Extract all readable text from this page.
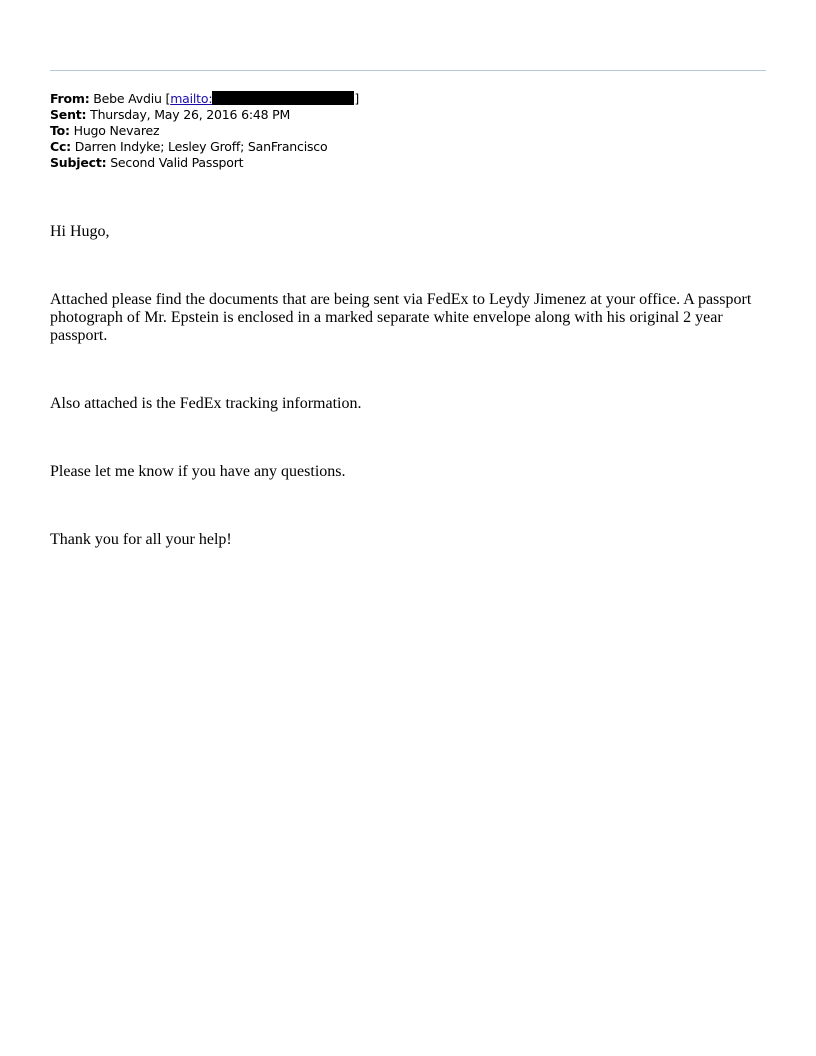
From: Bebe Avdiu [mailto:	]
Sent: Thursday, May 26, 2016 6:48 PM
To: Hugo Nevarez
Cc: Darren Indyke; Lesley Groff; SanFrancisco
Subject: Second Valid Passport

Hi Hugo,

Attached please find the documents that are being sent via FedEx to Leydy Jimenez at your office. A passport photograph of Mr. Epstein is enclosed in a marked separate white envelope along with his original 2 year passport.

Also attached is the FedEx tracking information.

Please let me know if you have any questions.

Thank you for all your help!
